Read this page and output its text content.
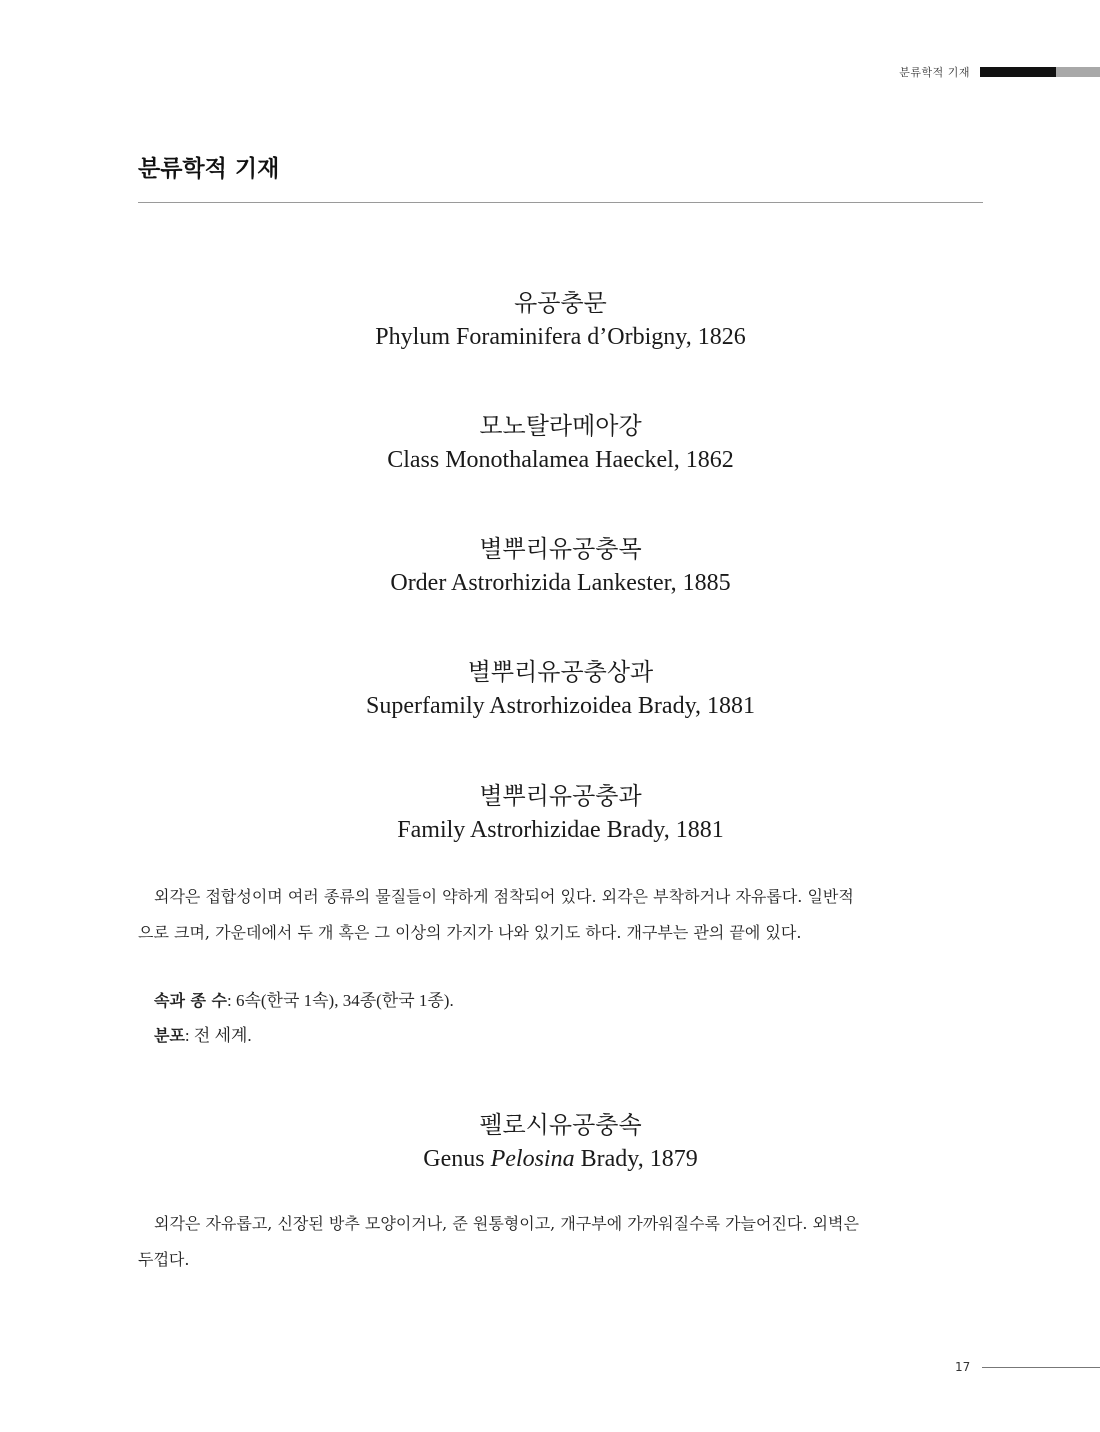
분류학적 기재
분류학적 기재
유공충문
Phylum Foraminifera d’Orbigny, 1826
모노탈라메아강
Class Monothalamea Haeckel, 1862
별뿌리유공충목
Order Astrorhizida Lankester, 1885
별뿌리유공충상과
Superfamily Astrorhizoidea Brady, 1881
별뿌리유공충과
Family Astrorhizidae Brady, 1881

외각은 접합성이며 여러 종류의 물질들이 약하게 점착되어 있다. 외각은 부착하거나 자유롭다. 일반적
으로 크며, 가운데에서 두 개 혹은 그 이상의 가지가 나와 있기도 하다. 개구부는 관의 끝에 있다.

속과 종 수: 6속(한국 1속), 34종(한국 1종).
분포: 전 세계.
펠로시유공충속
Genus Pelosina Brady, 1879

외각은 자유롭고, 신장된 방추 모양이거나, 준 원통형이고, 개구부에 가까워질수록 가늘어진다. 외벽은
두껍다.

17
